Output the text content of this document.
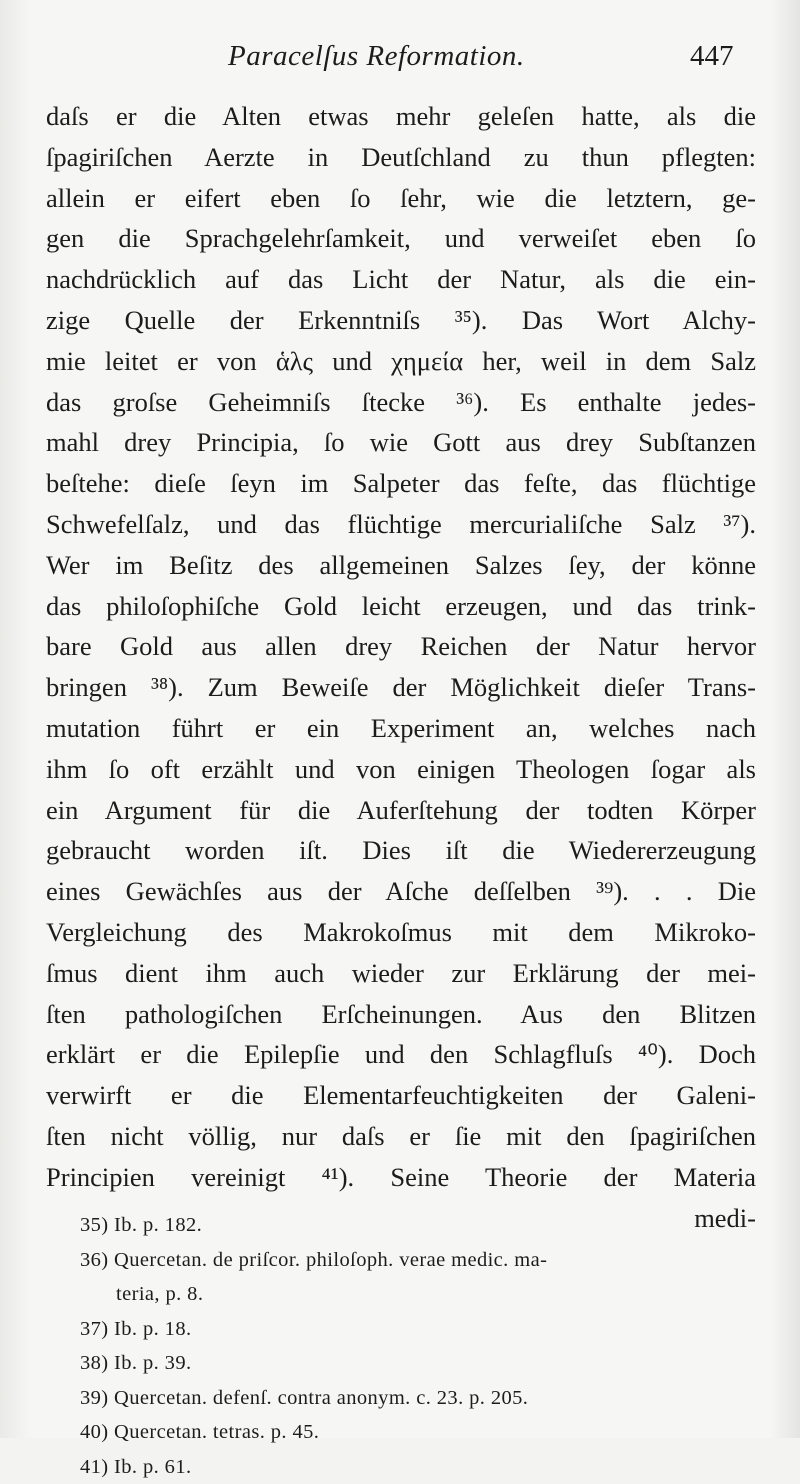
Paracelſus Reformation.	447
daſs er die Alten etwas mehr geleſen hatte, als die
ſpagiriſchen Aerzte in Deutſchland zu thun pflegten:
allein er eifert eben ſo ſehr, wie die letztern, ge-
gen die Sprachgelehrſamkeit, und verweiſet eben ſo
nachdrücklich auf das Licht der Natur, als die ein-
zige Quelle der Erkenntniſs ³⁵). Das Wort Alchy-
mie leitet er von ἁλς und χημεία her, weil in dem Salz
das groſse Geheimniſs ſtecke ³⁶). Es enthalte jedes-
mahl drey Principia, ſo wie Gott aus drey Subſtanzen
beſtehe: dieſe ſeyn im Salpeter das feſte, das flüchtige
Schwefelſalz, und das flüchtige mercurialiſche Salz ³⁷).
Wer im Beſitz des allgemeinen Salzes ſey, der könne
das philoſophiſche Gold leicht erzeugen, und das trink-
bare Gold aus allen drey Reichen der Natur hervor
bringen ³⁸). Zum Beweiſe der Möglichkeit dieſer Trans-
mutation führt er ein Experiment an, welches nach
ihm ſo oft erzählt und von einigen Theologen ſogar als
ein Argument für die Auferſtehung der todten Körper
gebraucht worden iſt. Dies iſt die Wiedererzeugung
eines Gewächſes aus der Aſche deſſelben ³⁹). . . Die
Vergleichung des Makrokoſmus mit dem Mikroko-
ſmus dient ihm auch wieder zur Erklärung der mei-
ſten pathologiſchen Erſcheinungen. Aus den Blitzen
erklärt er die Epilepſie und den Schlagfluſs ⁴⁰). Doch
verwirft er die Elementarfeuchtigkeiten der Galeni-
ſten nicht völlig, nur daſs er ſie mit den ſpagiriſchen
Principien vereinigt ⁴¹). Seine Theorie der Materia
medi-
35) Ib. p. 182.
36) Quercetan. de priſcor. philoſoph. verae medic. ma-
teria, p. 8.
37) Ib. p. 18.
38) Ib. p. 39.
39) Quercetan. defenſ. contra anonym. c. 23. p. 205.
40) Quercetan. tetras. p. 45.
41) Ib. p. 61.
